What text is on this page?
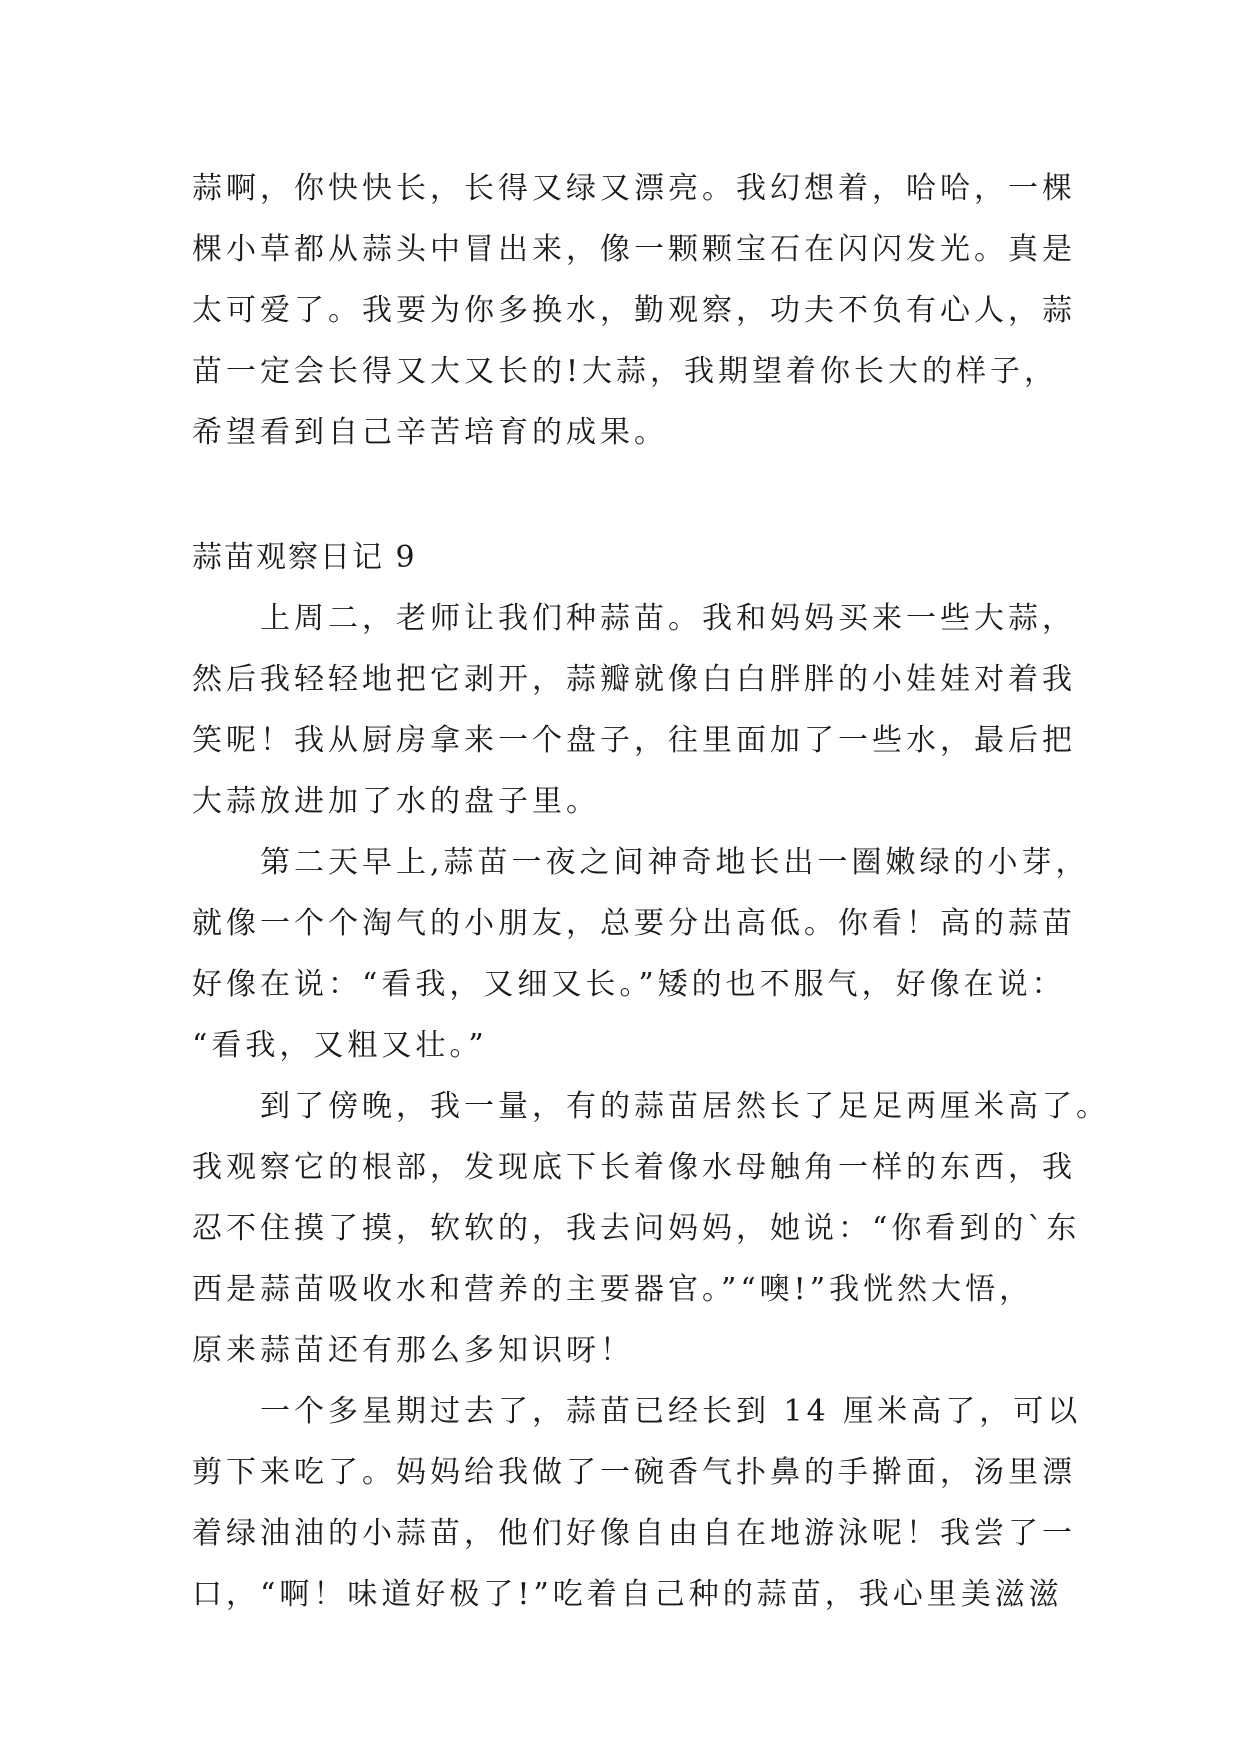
蒜啊，你快快长，长得又绿又漂亮。我幻想着，哈哈，一棵
棵小草都从蒜头中冒出来，像一颗颗宝石在闪闪发光。真是
太可爱了。我要为你多换水，勤观察，功夫不负有心人，蒜
苗一定会长得又大又长的!大蒜，我期望着你长大的样子，
希望看到自己辛苦培育的成果。
蒜苗观察日记 9
上周二，老师让我们种蒜苗。我和妈妈买来一些大蒜，
然后我轻轻地把它剥开，蒜瓣就像白白胖胖的小娃娃对着我
笑呢！我从厨房拿来一个盘子，往里面加了一些水，最后把
大蒜放进加了水的盘子里。
第二天早上,蒜苗一夜之间神奇地长出一圈嫩绿的小芽，
就像一个个淘气的小朋友，总要分出高低。你看！高的蒜苗
好像在说：“看我，又细又长。”矮的也不服气，好像在说：
“看我，又粗又壮。”
到了傍晚，我一量，有的蒜苗居然长了足足两厘米高了。
我观察它的根部，发现底下长着像水母触角一样的东西，我
忍不住摸了摸，软软的，我去问妈妈，她说：“你看到的`东
西是蒜苗吸收水和营养的主要器官。”“噢!”我恍然大悟，
原来蒜苗还有那么多知识呀！
一个多星期过去了，蒜苗已经长到 14 厘米高了，可以
剪下来吃了。妈妈给我做了一碗香气扑鼻的手擀面，汤里漂
着绿油油的小蒜苗，他们好像自由自在地游泳呢！我尝了一
口，“啊！味道好极了!”吃着自己种的蒜苗，我心里美滋滋
